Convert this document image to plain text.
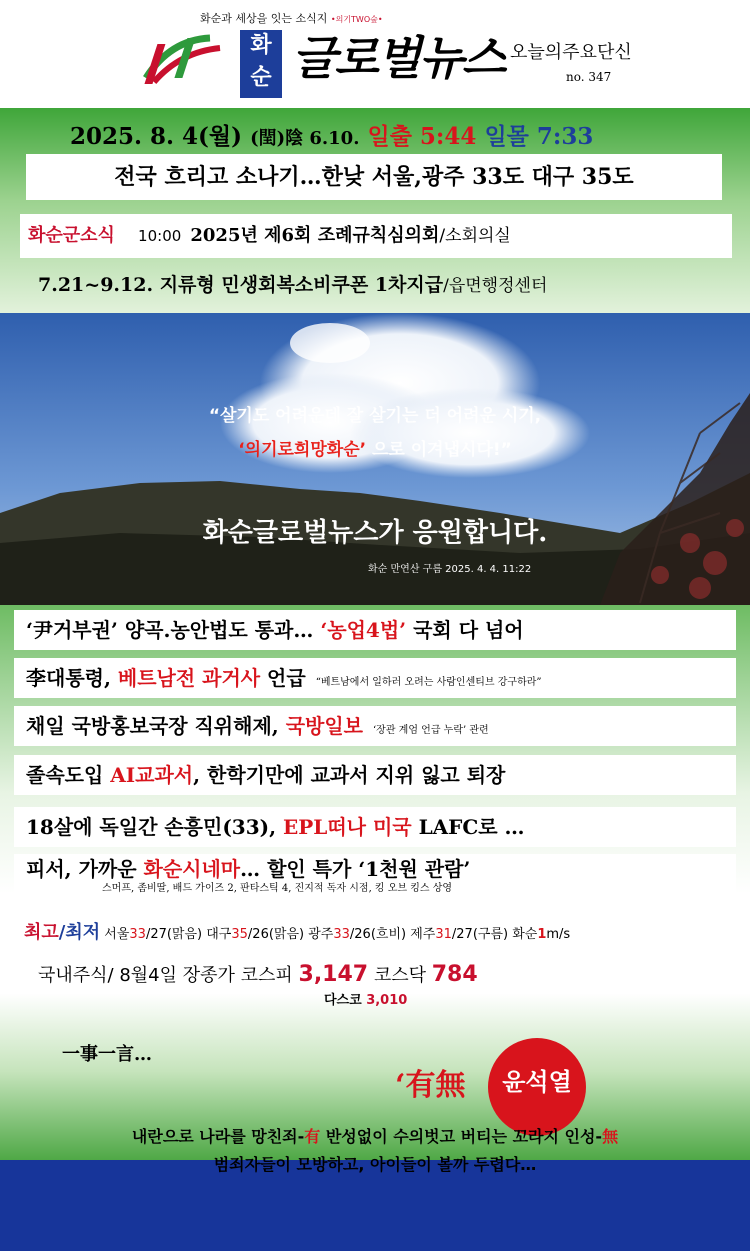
화순과 세상을 잇는 소식지 •의기TWO숲•
화
순 글로벌뉴스 오늘의주요단신
no. 347
2025. 8. 4(월) (閏)陰 6.10. 일출 5:44 일몰 7:33
전국 흐리고 소나기…한낮 서울,광주 33도 대구 35도
화순군소식 10:00 2025년 제6회 조례규칙심의회/소회의실
7.21~9.12. 지류형 민생회복소비쿠폰 1차지급/읍면행정센터
“살기도 어려운데 잘 살기는 더 어려운 시기,
‘의기로희망화순’ 으로 이겨냅시다!”
화순글로벌뉴스가 응원합니다.
화순 만연산 구름 2025. 4. 4. 11:22
‘尹거부권’ 양곡.농안법도 통과… ‘농업4법’ 국회 다 넘어
李대통령, 베트남전 과거사 언급 “베트남에서 일하러 오려는 사람인센티브 강구하라”
채일 국방홍보국장 직위해제, 국방일보 ‘장관 계엄 언급 누락’ 관련
졸속도입 AI교과서, 한학기만에 교과서 지위 잃고 퇴장
18살에 독일간 손흥민(33), EPL떠나 미국 LAFC로 …
피서, 가까운 화순시네마… 할인 특가 ‘1천원 관람’
스머프, 좀비딸, 배드 가이즈 2, 판타스틱 4, 진지적 독자 시점, 킹 오브 킹스 상영
최고/최저 서울33/27(맑음) 대구35/26(맑음) 광주33/26(흐비) 제주31/27(구름) 화순1m/s
국내주식/ 8월4일 장종가 코스피 3,147 코스닥 784
다스코 3,010
一事一言…
‘有無	’
윤석열
내란으로 나라를 망친죄-有 반성없이 수의벗고 버티는 꼬라지 인성-無
범죄자들이 모방하고, 아이들이 볼까 두렵다…
